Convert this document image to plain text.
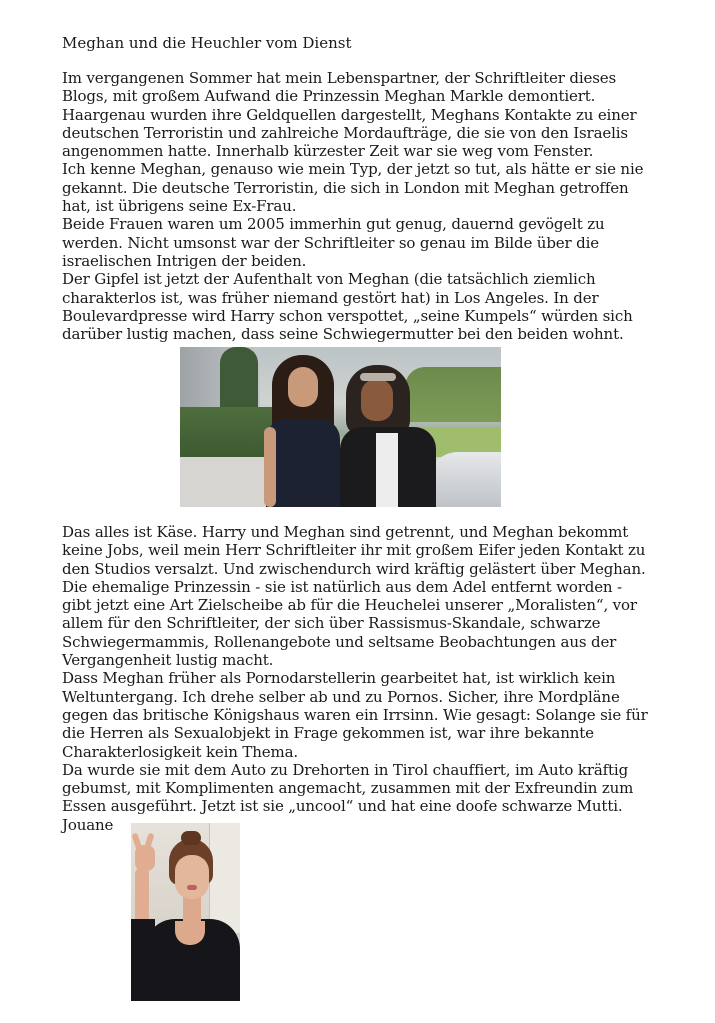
Meghan und die Heuchler vom Dienst
Im vergangenen Sommer hat mein Lebenspartner, der Schriftleiter dieses
Blogs, mit großem Aufwand die Prinzessin Meghan Markle demontiert.
Haargenau wurden ihre Geldquellen dargestellt, Meghans Kontakte zu einer
deutschen Terroristin und zahlreiche Mordaufträge, die sie von den Israelis
angenommen hatte. Innerhalb kürzester Zeit war sie weg vom Fenster.
Ich kenne Meghan, genauso wie mein Typ, der jetzt so tut, als hätte er sie nie
gekannt. Die deutsche Terroristin, die sich in London mit Meghan getroffen
hat, ist übrigens seine Ex-Frau.
Beide Frauen waren um 2005 immerhin gut genug, dauernd gevögelt zu
werden. Nicht umsonst war der Schriftleiter so genau im Bilde über die
israelischen Intrigen der beiden.
Der Gipfel ist jetzt der Aufenthalt von Meghan (die tatsächlich ziemlich
charakterlos ist, was früher niemand gestört hat) in Los Angeles. In der
Boulevardpresse wird Harry schon verspottet, „seine Kumpels“ würden sich
darüber lustig machen, dass seine Schwiegermutter bei den beiden wohnt.
Das alles ist Käse. Harry und Meghan sind getrennt, und Meghan bekommt
keine Jobs, weil mein Herr Schriftleiter ihr mit großem Eifer jeden Kontakt zu
den Studios versalzt. Und zwischendurch wird kräftig gelästert über Meghan.
Die ehemalige Prinzessin - sie ist natürlich aus dem Adel entfernt worden -
gibt jetzt eine Art Zielscheibe ab für die Heuchelei unserer „Moralisten“, vor
allem für den Schriftleiter, der sich über Rassismus-Skandale, schwarze
Schwiegermammis, Rollenangebote und seltsame Beobachtungen aus der
Vergangenheit lustig macht.
Dass Meghan früher als Pornodarstellerin gearbeitet hat, ist wirklich kein
Weltuntergang. Ich drehe selber ab und zu Pornos. Sicher, ihre Mordpläne
gegen das britische Königshaus waren ein Irrsinn. Wie gesagt: Solange sie für
die Herren als Sexualobjekt in Frage gekommen ist, war ihre bekannte
Charakterlosigkeit kein Thema.
Da wurde sie mit dem Auto zu Drehorten in Tirol chauffiert, im Auto kräftig
gebumst, mit Komplimenten angemacht, zusammen mit der Exfreundin zum
Essen ausgeführt. Jetzt ist sie „uncool“ und hat eine doofe schwarze Mutti.
Jouane
